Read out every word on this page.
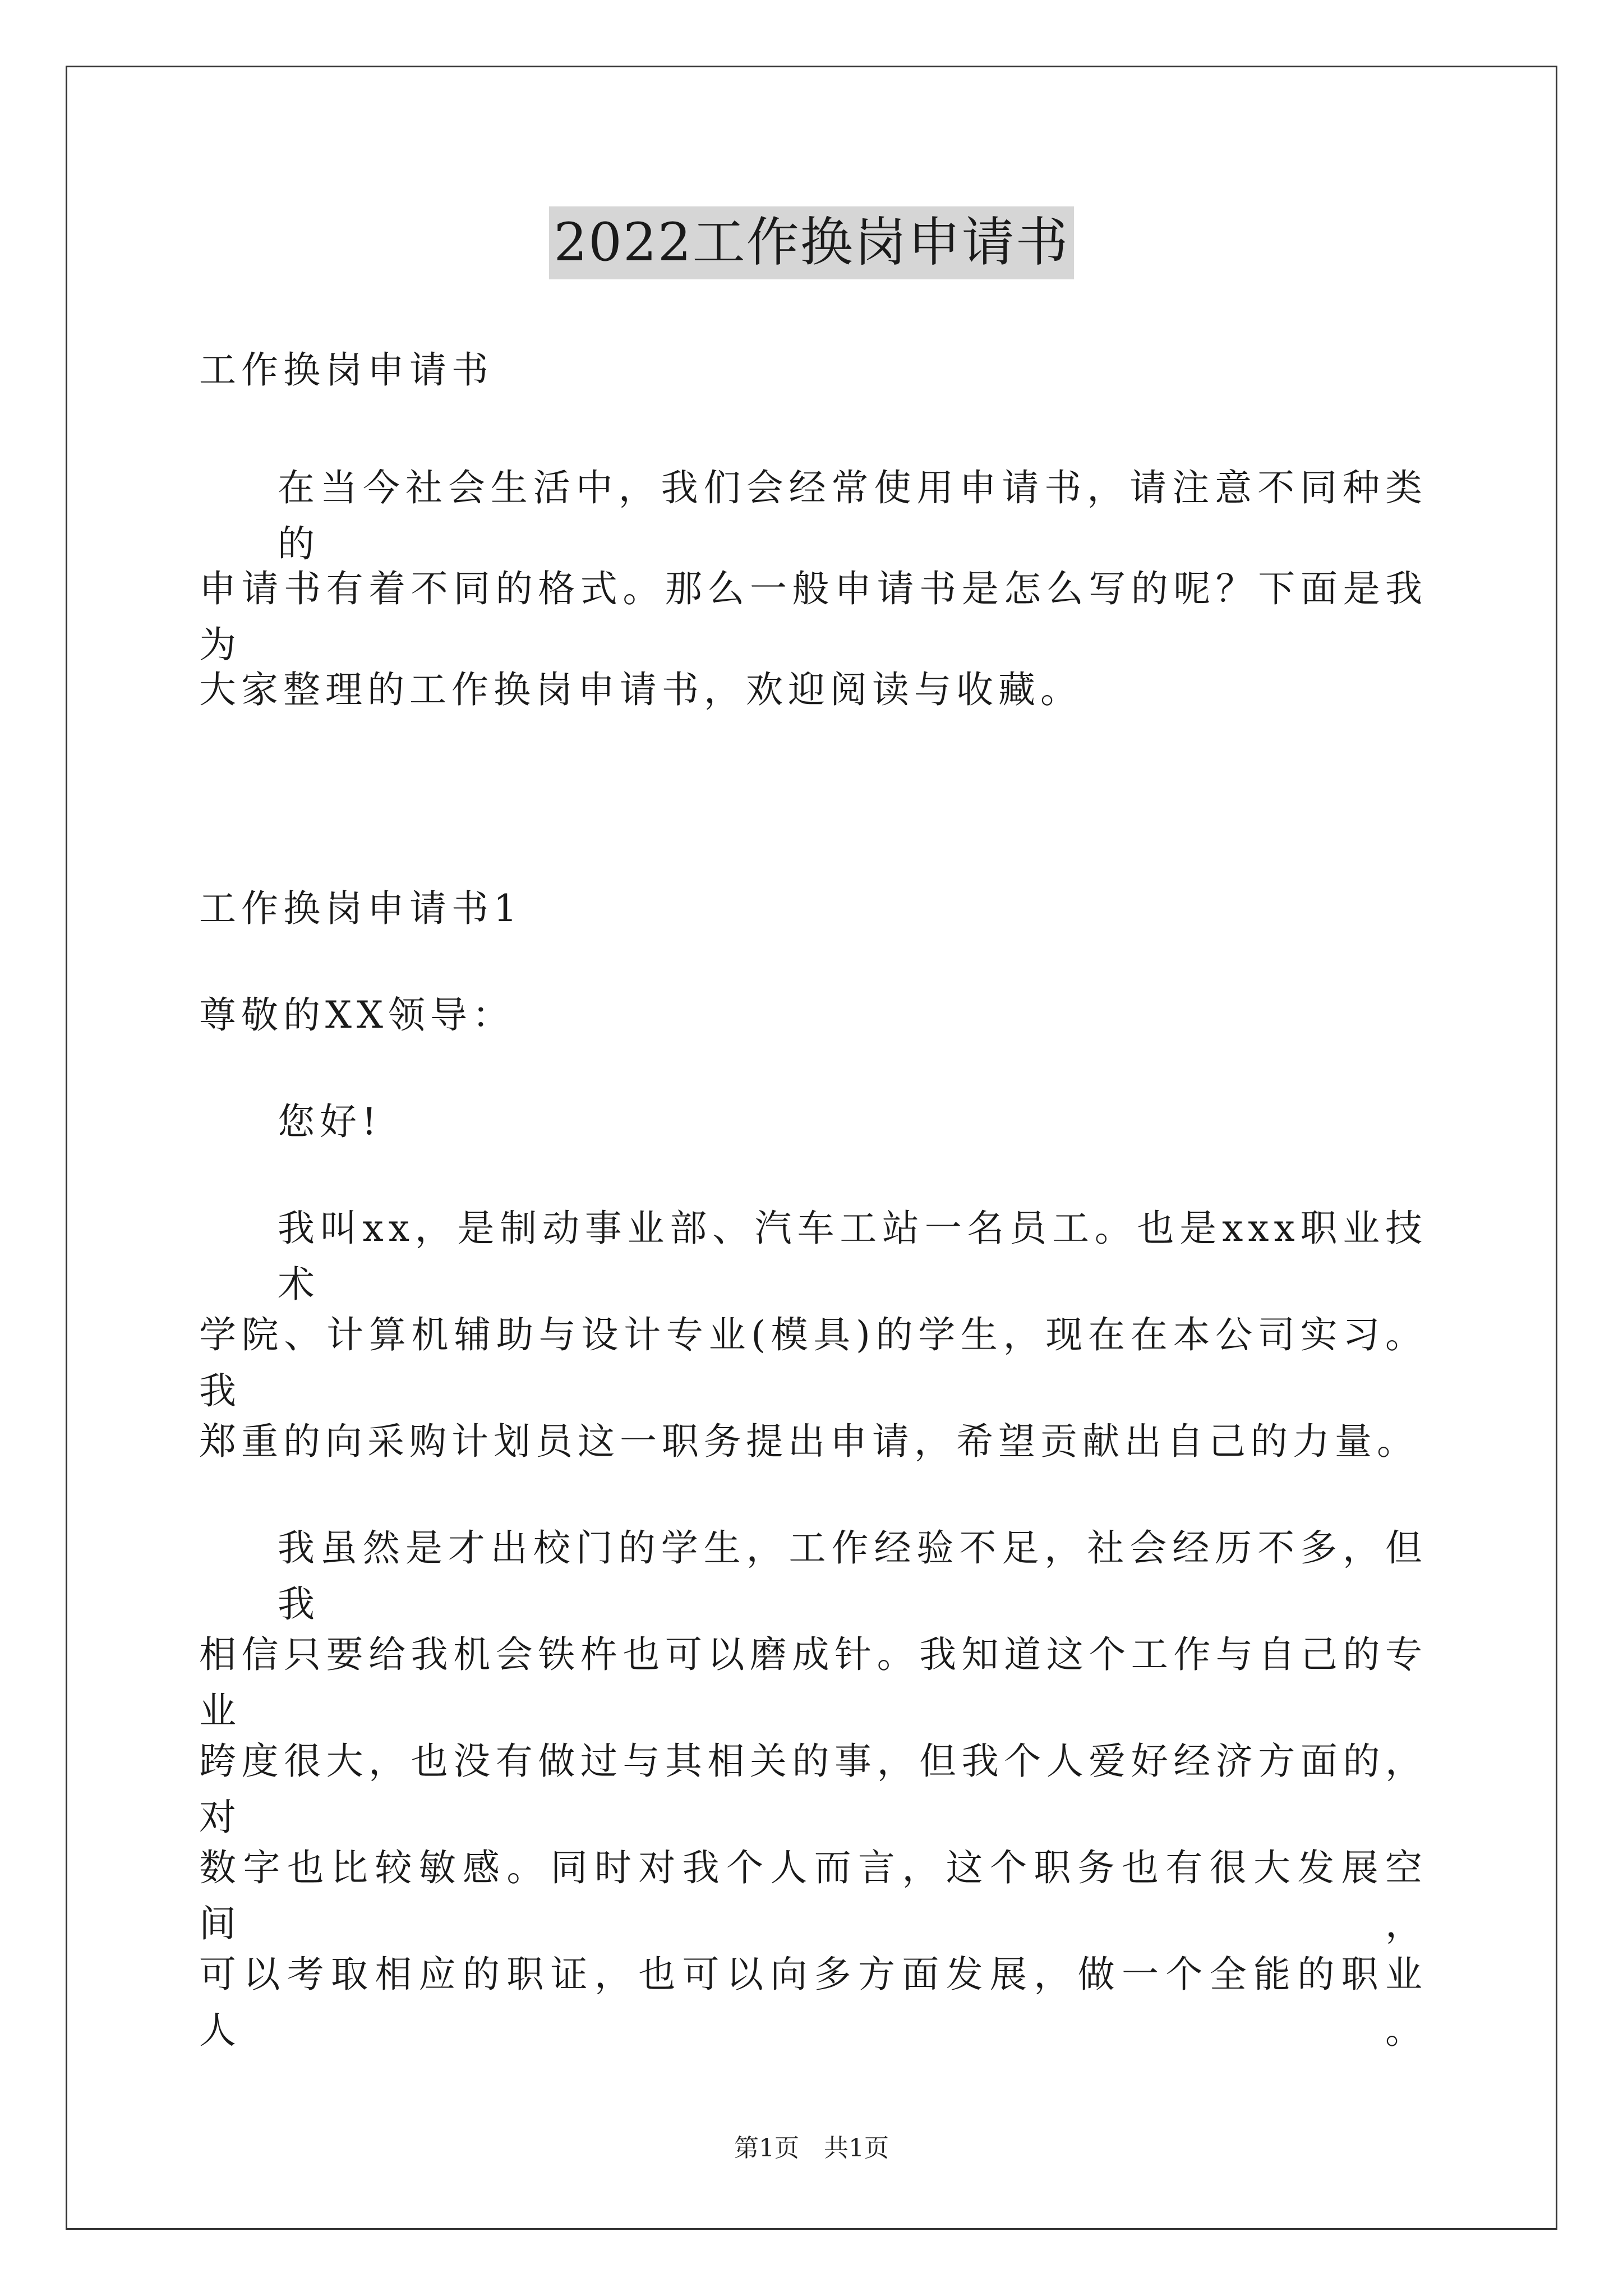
2022工作换岗申请书
工作换岗申请书
在当今社会生活中，我们会经常使用申请书，请注意不同种类的
申请书有着不同的格式。那么一般申请书是怎么写的呢？下面是我为
大家整理的工作换岗申请书，欢迎阅读与收藏。
工作换岗申请书1
尊敬的XX领导：
您好!
我叫xx，是制动事业部、汽车工站一名员工。也是xxx职业技术
学院、计算机辅助与设计专业(模具)的学生，现在在本公司实习。我
郑重的向采购计划员这一职务提出申请，希望贡献出自己的力量。
我虽然是才出校门的学生，工作经验不足，社会经历不多，但我
相信只要给我机会铁杵也可以磨成针。我知道这个工作与自己的专业
跨度很大，也没有做过与其相关的事，但我个人爱好经济方面的，对
数字也比较敏感。同时对我个人而言，这个职务也有很大发展空间，
可以考取相应的职证，也可以向多方面发展，做一个全能的职业人。
第1页　共1页
